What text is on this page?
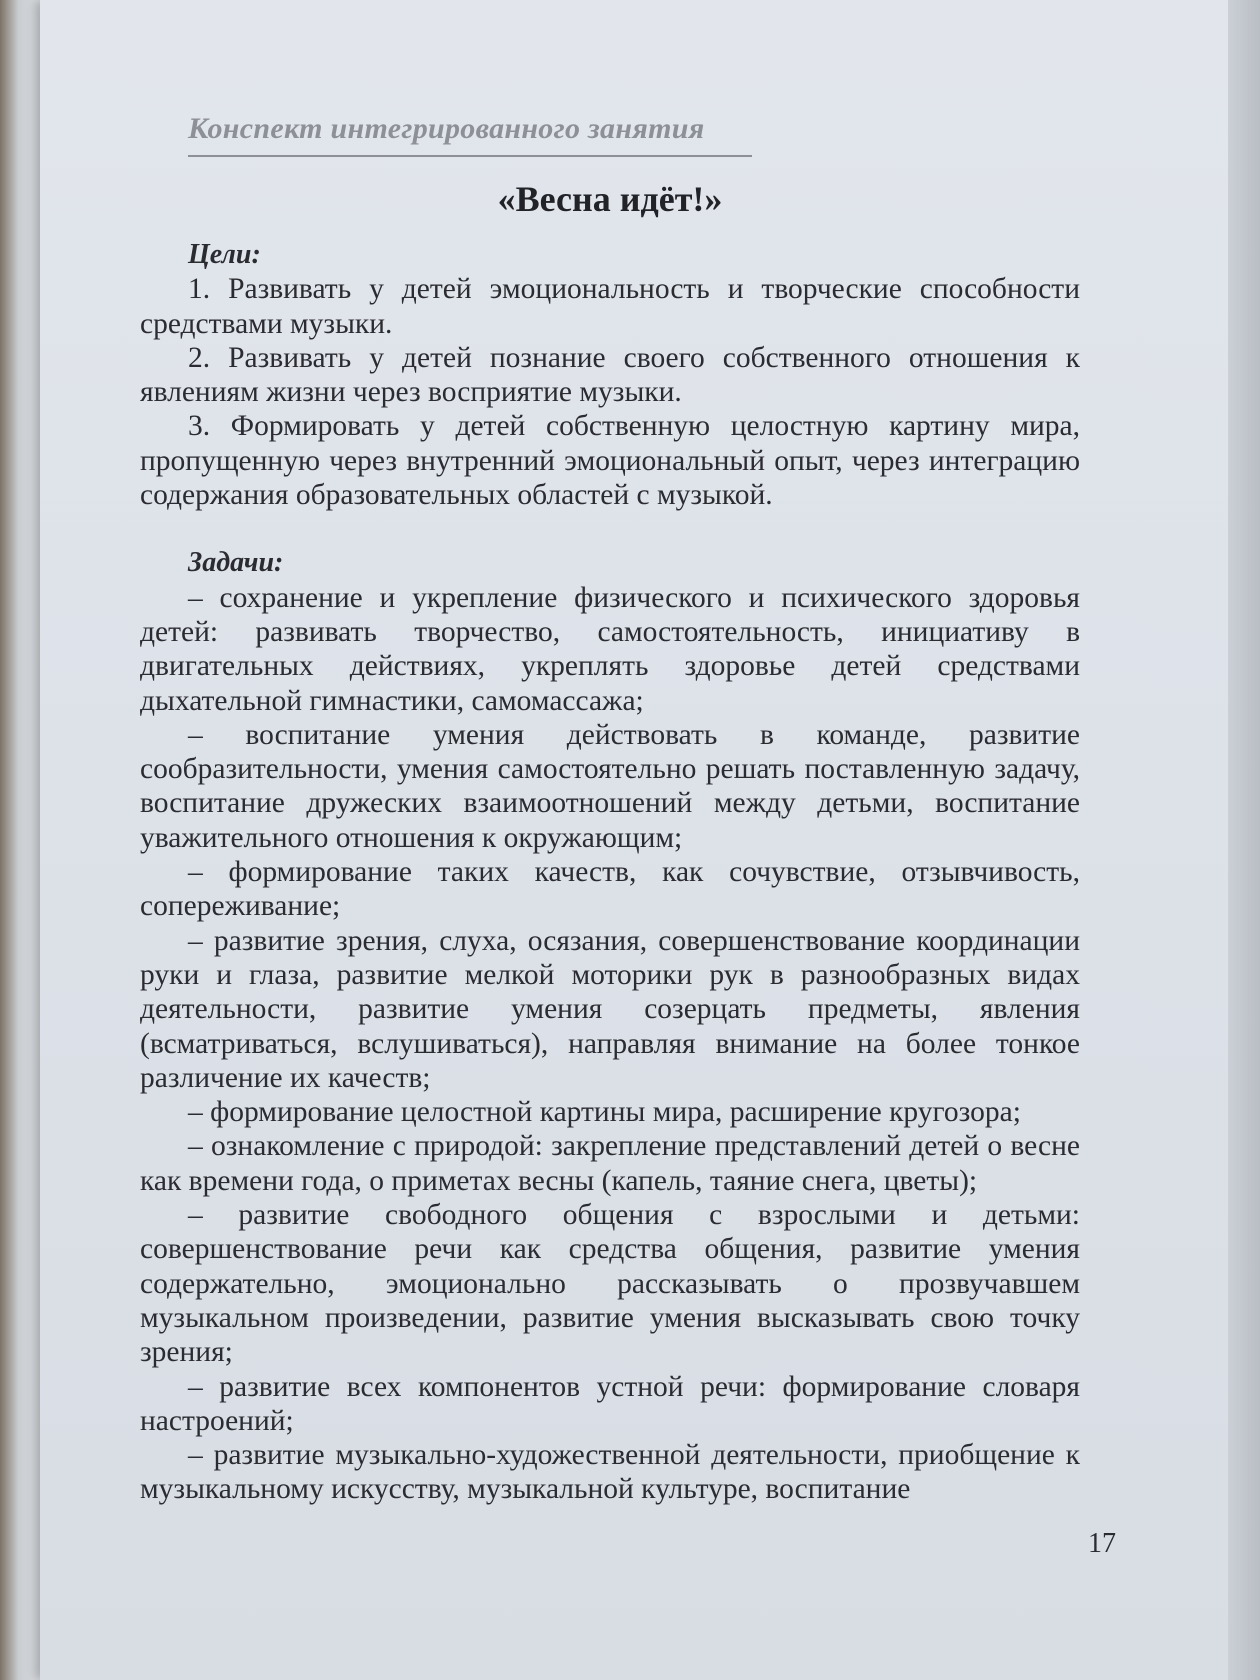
Конспект интегрированного занятия
«Весна идёт!»

Цели:

1. Развивать у детей эмоциональность и творческие способности средствами музыки.

2. Развивать у детей познание своего собственного отношения к явлениям жизни через восприятие музыки.

3. Формировать у детей собственную целостную картину мира, пропущенную через внутренний эмоциональный опыт, через интеграцию содержания образовательных областей с музыкой.

Задачи:

– сохранение и укрепление физического и психического здоровья детей: развивать творчество, самостоятельность, инициативу в двигательных действиях, укреплять здоровье детей средствами дыхательной гимнастики, самомассажа;

– воспитание умения действовать в команде, развитие сообразительности, умения самостоятельно решать поставленную задачу, воспитание дружеских взаимоотношений между детьми, воспитание уважительного отношения к окружающим;

– формирование таких качеств, как сочувствие, отзывчивость, сопереживание;

– развитие зрения, слуха, осязания, совершенствование координации руки и глаза, развитие мелкой моторики рук в разнообразных видах деятельности, развитие умения созерцать предметы, явления (всматриваться, вслушиваться), направляя внимание на более тонкое различение их качеств;

– формирование целостной картины мира, расширение кругозора;

– ознакомление с природой: закрепление представлений детей о весне как времени года, о приметах весны (капель, таяние снега, цветы);

– развитие свободного общения с взрослыми и детьми: совершенствование речи как средства общения, развитие умения содержательно, эмоционально рассказывать о прозвучавшем музыкальном произведении, развитие умения высказывать свою точку зрения;

– развитие всех компонентов устной речи: формирование словаря настроений;

– развитие музыкально-художественной деятельности, приобщение к музыкальному искусству, музыкальной культуре, воспитание

17
